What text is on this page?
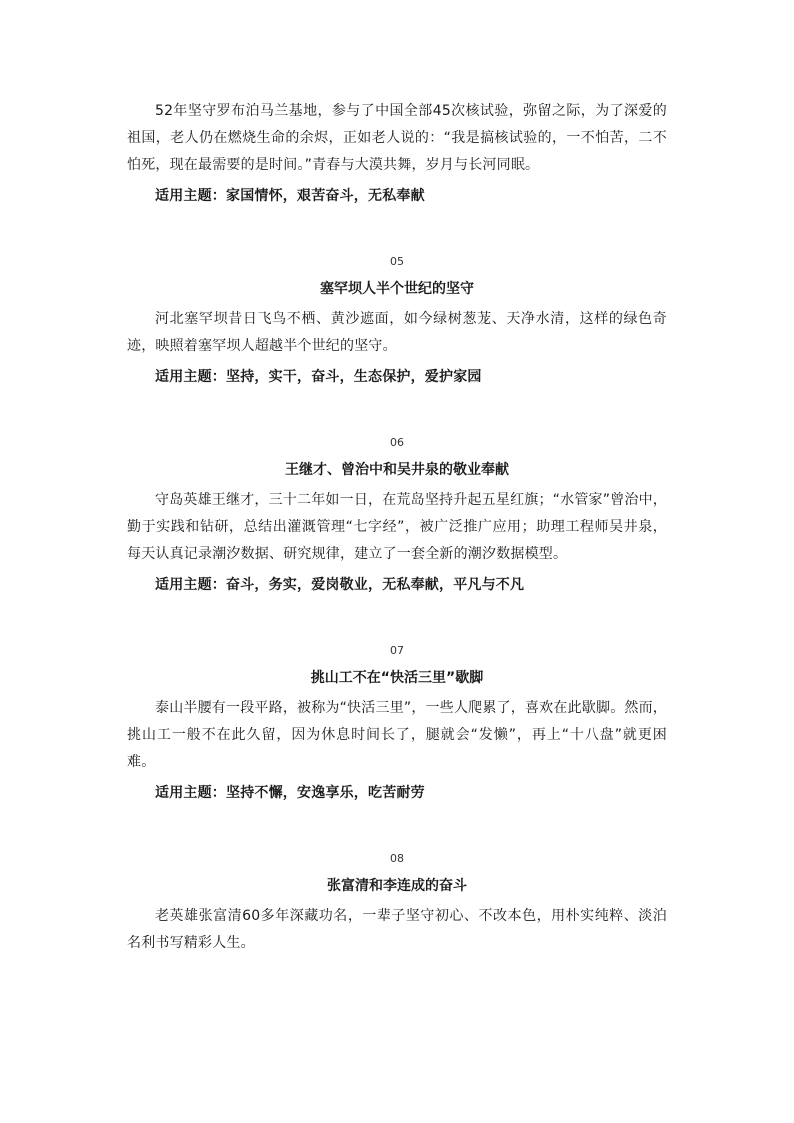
52年坚守罗布泊马兰基地，参与了中国全部45次核试验，弥留之际，为了深爱的祖国，老人仍在燃烧生命的余烬，正如老人说的：“我是搞核试验的，一不怕苦，二不怕死，现在最需要的是时间。”青春与大漠共舞，岁月与长河同眠。

适用主题：家国情怀，艰苦奋斗，无私奉献

05

塞罕坝人半个世纪的坚守

河北塞罕坝昔日飞鸟不栖、黄沙遮面，如今绿树葱茏、天净水清，这样的绿色奇迹，映照着塞罕坝人超越半个世纪的坚守。

适用主题：坚持，实干，奋斗，生态保护，爱护家园

06

王继才、曾治中和吴井泉的敬业奉献

守岛英雄王继才，三十二年如一日，在荒岛坚持升起五星红旗；“水管家”曾治中，勤于实践和钻研，总结出灌溉管理“七字经”，被广泛推广应用；助理工程师吴井泉，每天认真记录潮汐数据、研究规律，建立了一套全新的潮汐数据模型。

适用主题：奋斗，务实，爱岗敬业，无私奉献，平凡与不凡

07

挑山工不在“快活三里”歇脚

泰山半腰有一段平路，被称为“快活三里”，一些人爬累了，喜欢在此歇脚。然而，挑山工一般不在此久留，因为休息时间长了，腿就会“发懒”，再上“十八盘”就更困难。

适用主题：坚持不懈，安逸享乐，吃苦耐劳

08

张富清和李连成的奋斗

老英雄张富清60多年深藏功名，一辈子坚守初心、不改本色，用朴实纯粹、淡泊名利书写精彩人生。
